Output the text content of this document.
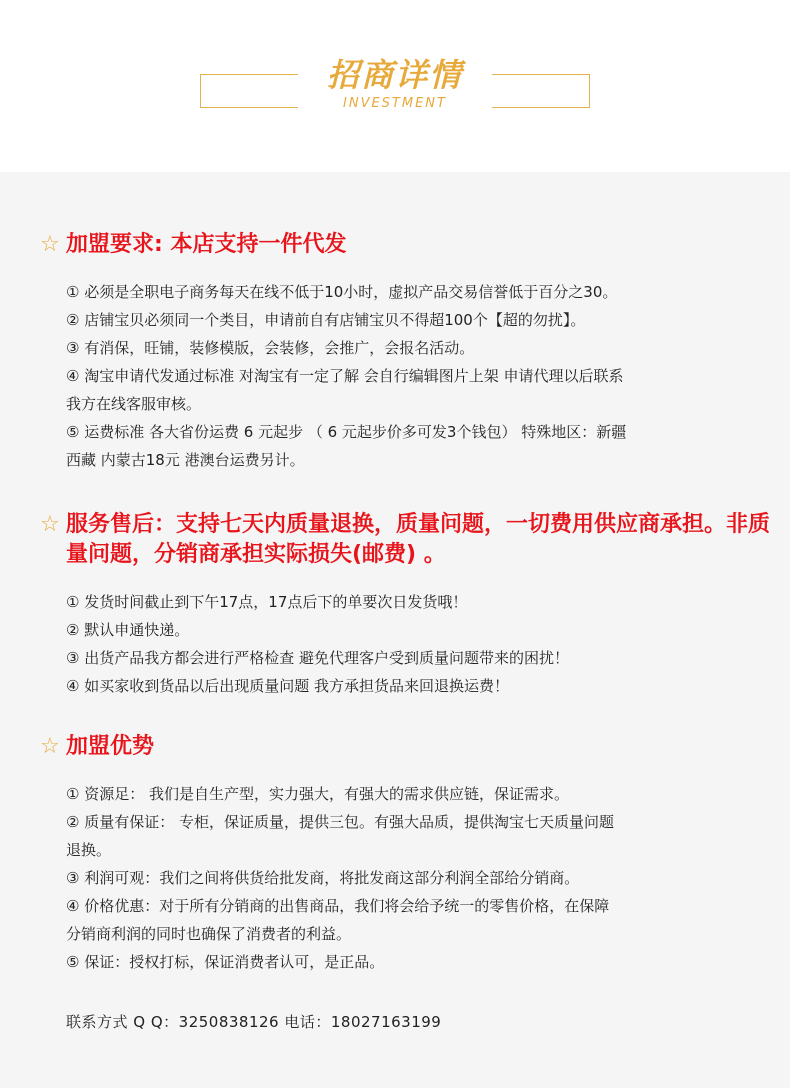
招商详情
INVESTMENT
☆ 加盟要求: 本店支持一件代发
① 必须是全职电子商务每天在线不低于10小时，虚拟产品交易信誉低于百分之30。
② 店铺宝贝必须同一个类目，申请前自有店铺宝贝不得超100个【超的勿扰】。
③ 有消保，旺铺，装修模版，会装修，会推广，会报名活动。
④ 淘宝申请代发通过标准 对淘宝有一定了解 会自行编辑图片上架 申请代理以后联系
我方在线客服审核。
⑤ 运费标准 各大省份运费 6 元起步 （ 6 元起步价多可发3个钱包） 特殊地区：新疆
西藏 内蒙古18元 港澳台运费另计。
☆ 服务售后：支持七天内质量退换，质量问题，一切费用供应商承担。非质量问题，分销商承担实际损失(邮费) 。
① 发货时间截止到下午17点，17点后下的单要次日发货哦！
② 默认申通快递。
③ 出货产品我方都会进行严格检查 避免代理客户受到质量问题带来的困扰！
④ 如买家收到货品以后出现质量问题 我方承担货品来回退换运费！
☆ 加盟优势
① 资源足： 我们是自生产型，实力强大，有强大的需求供应链，保证需求。
② 质量有保证： 专柜，保证质量，提供三包。有强大品质，提供淘宝七天质量问题
退换。
③ 利润可观：我们之间将供货给批发商，将批发商这部分利润全部给分销商。
④ 价格优惠：对于所有分销商的出售商品，我们将会给予统一的零售价格，在保障
分销商利润的同时也确保了消费者的利益。
⑤ 保证：授权打标，保证消费者认可，是正品。
联系方式 Q Q：3250838126 电话：18027163199
